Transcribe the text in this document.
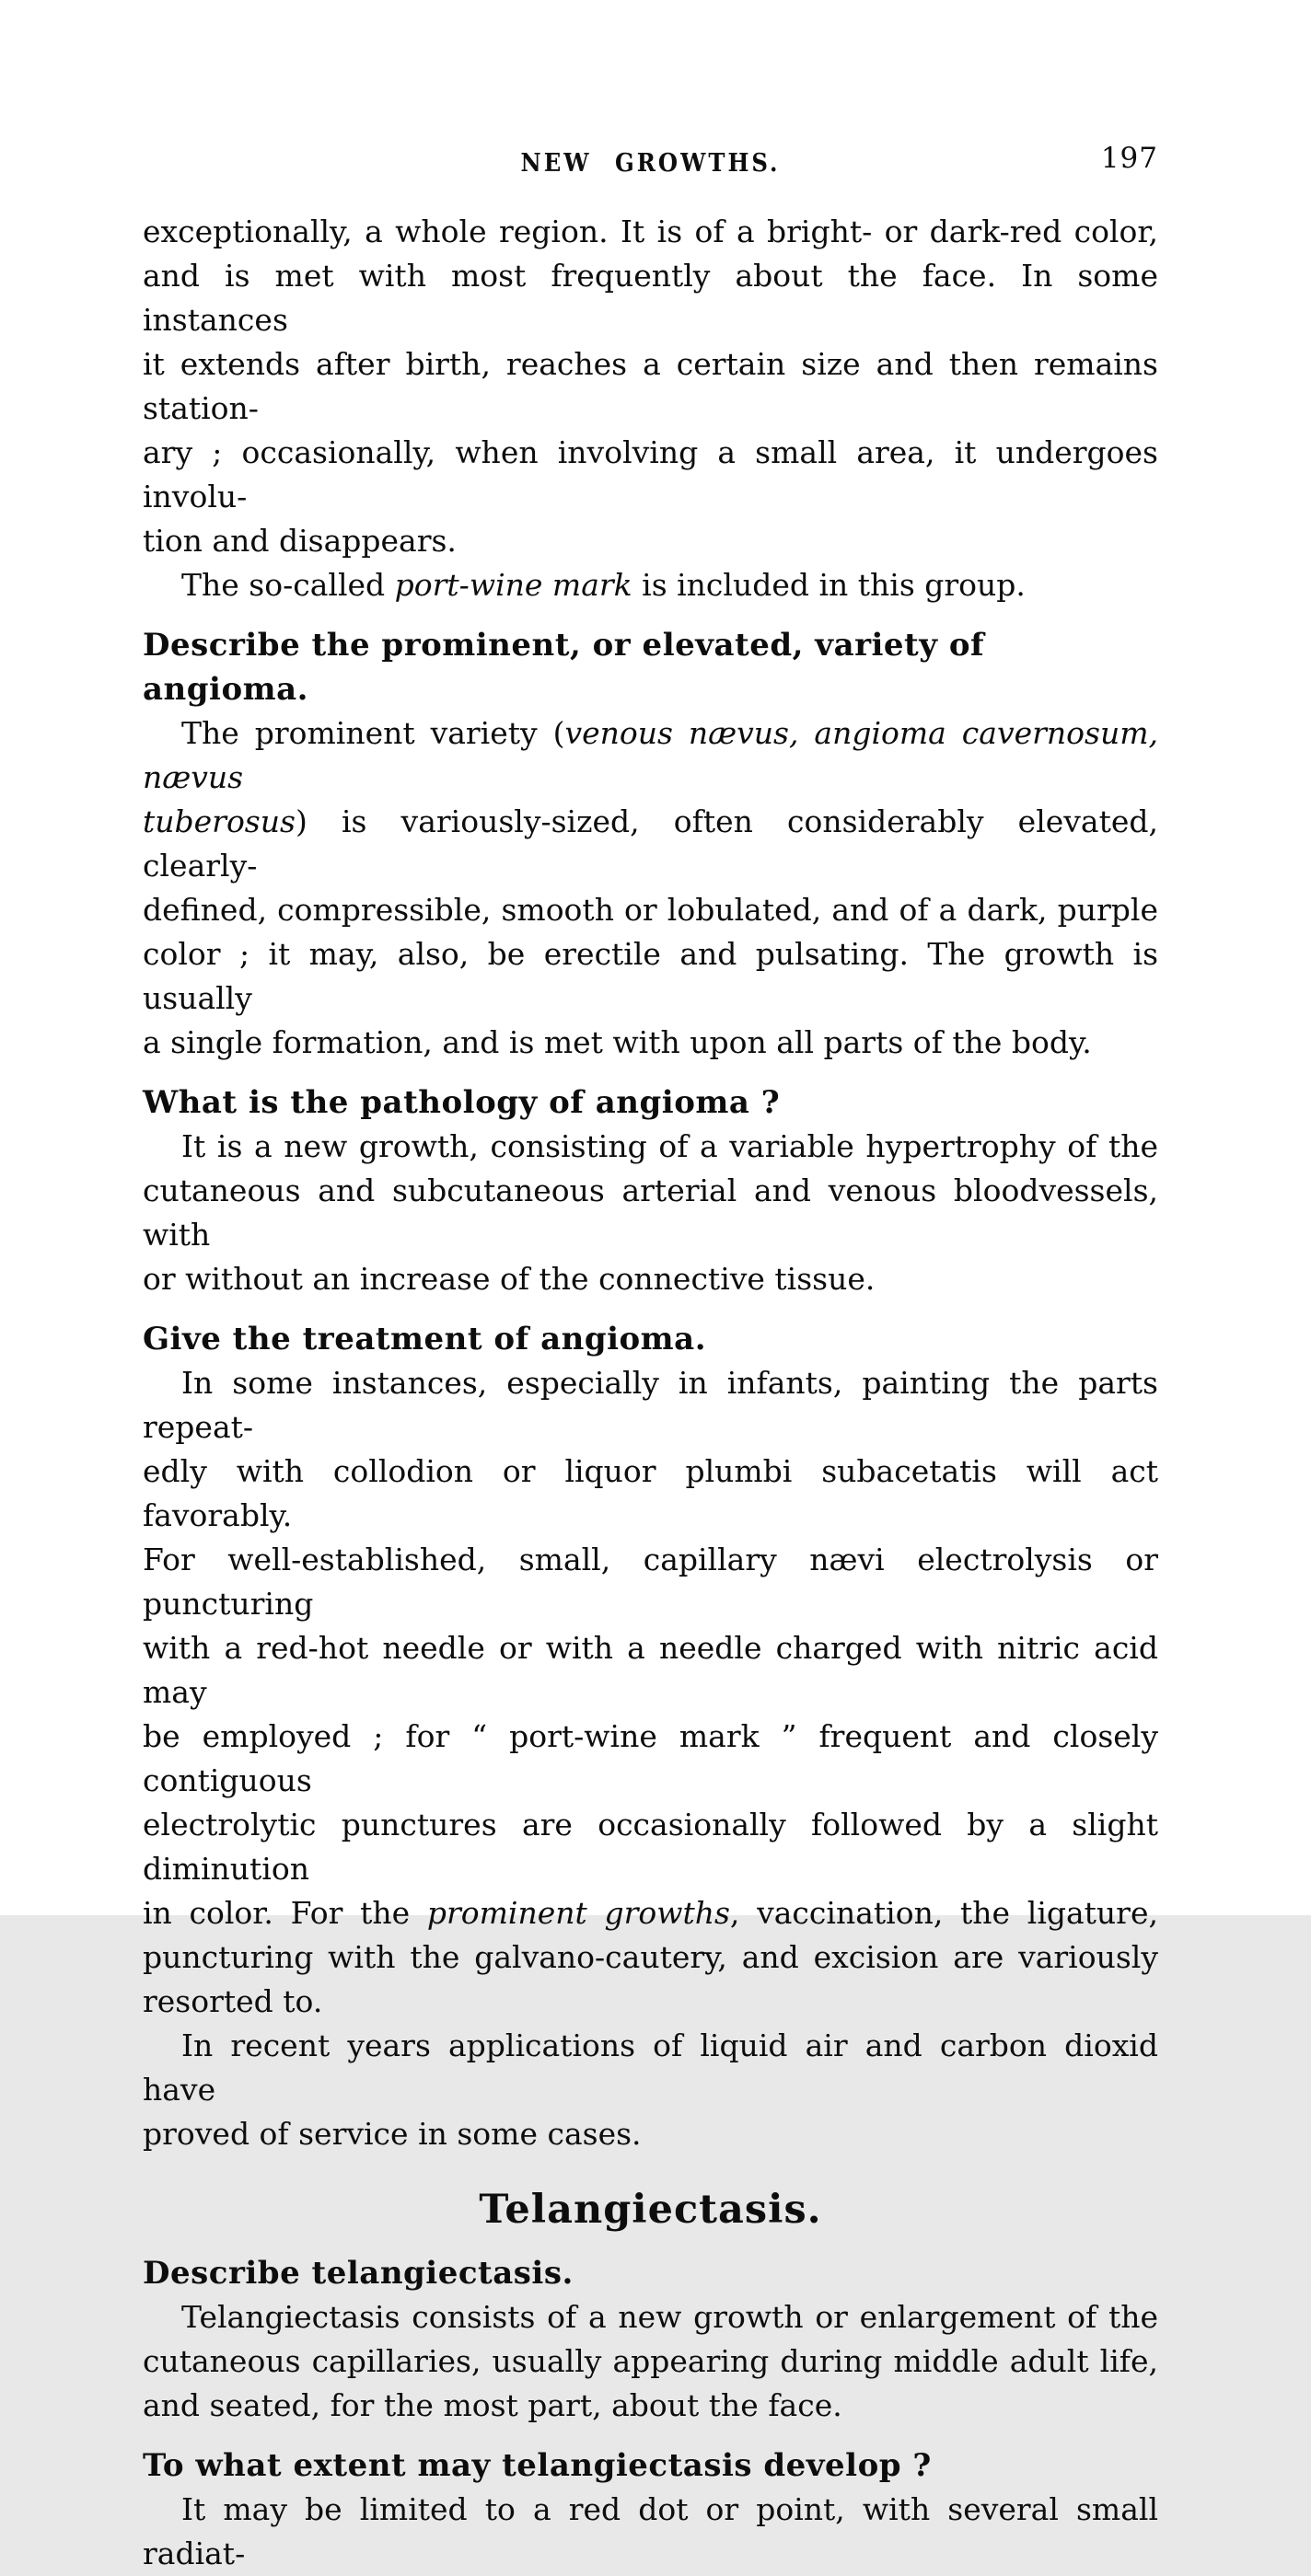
NEW GROWTHS.	197

exceptionally, a whole region. It is of a bright- or dark-red color,
and is met with most frequently about the face. In some instances
it extends after birth, reaches a certain size and then remains station-
ary ; occasionally, when involving a small area, it undergoes involu-
tion and disappears.

The so-called port-wine mark is included in this group.

Describe the prominent, or elevated, variety of angioma.

The prominent variety (venous nævus, angioma cavernosum, nævus
tuberosus) is variously-sized, often considerably elevated, clearly-
defined, compressible, smooth or lobulated, and of a dark, purple
color ; it may, also, be erectile and pulsating. The growth is usually
a single formation, and is met with upon all parts of the body.

What is the pathology of angioma ?

It is a new growth, consisting of a variable hypertrophy of the
cutaneous and subcutaneous arterial and venous bloodvessels, with
or without an increase of the connective tissue.

Give the treatment of angioma.

In some instances, especially in infants, painting the parts repeat-
edly with collodion or liquor plumbi subacetatis will act favorably.
For well-established, small, capillary nævi electrolysis or puncturing
with a red-hot needle or with a needle charged with nitric acid may
be employed ; for “ port-wine mark ” frequent and closely contiguous
electrolytic punctures are occasionally followed by a slight diminution
in color. For the prominent growths, vaccination, the ligature,
puncturing with the galvano-cautery, and excision are variously
resorted to.

In recent years applications of liquid air and carbon dioxid have
proved of service in some cases.

Telangiectasis.
Describe telangiectasis.

Telangiectasis consists of a new growth or enlargement of the
cutaneous capillaries, usually appearing during middle adult life,
and seated, for the most part, about the face.

To what extent may telangiectasis develop ?

It may be limited to a red dot or point, with several small radiat-
